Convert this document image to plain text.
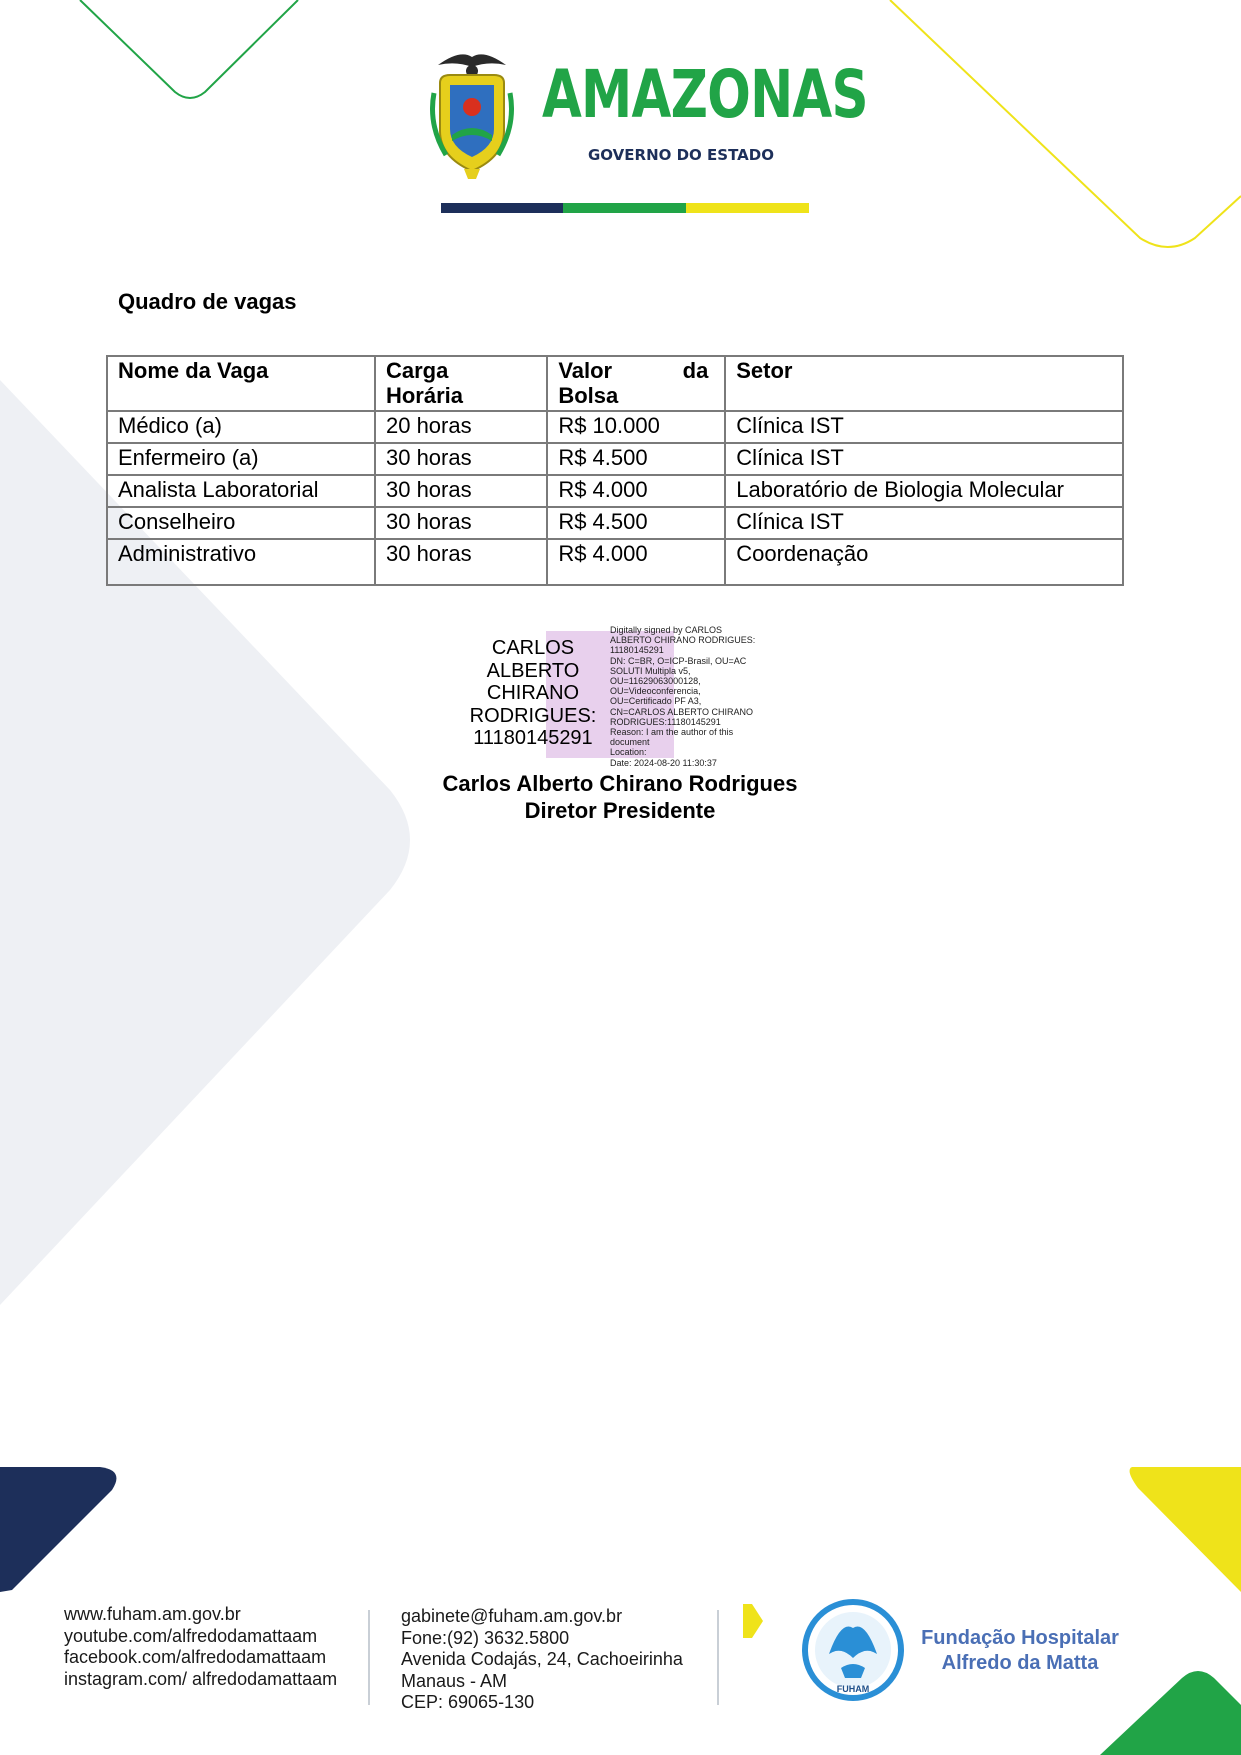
AMAZONAS
GOVERNO DO ESTADO
Quadro de vagas
Nome da Vaga	Carga Horária	Valor da Bolsa	Setor
Médico (a)	20 horas	R$ 10.000	Clínica IST
Enfermeiro (a)	30 horas	R$ 4.500	Clínica IST
Analista Laboratorial	30 horas	R$ 4.000	Laboratório de Biologia Molecular
Conselheiro	30 horas	R$ 4.500	Clínica IST
Administrativo	30 horas	R$ 4.000	Coordenação
CARLOS
ALBERTO
CHIRANO
RODRIGUES:
11180145291
Digitally signed by CARLOS
ALBERTO CHIRANO RODRIGUES:
11180145291
DN: C=BR, O=ICP-Brasil, OU=AC
SOLUTI Multipla v5,
OU=11629063000128,
OU=Videoconferencia,
OU=Certificado PF A3,
CN=CARLOS ALBERTO CHIRANO
RODRIGUES:11180145291
Reason: I am the author of this
document
Location:
Date: 2024-08-20 11:30:37
Carlos Alberto Chirano Rodrigues
Diretor Presidente
www.fuham.am.gov.br
youtube.com/alfredodamattaam
facebook.com/alfredodamattaam
instagram.com/ alfredodamattaam
gabinete@fuham.am.gov.br
Fone:(92) 3632.5800
Avenida Codajás, 24, Cachoeirinha
Manaus - AM
CEP: 69065-130
FUHAM
Fundação Hospitalar
Alfredo da Matta
